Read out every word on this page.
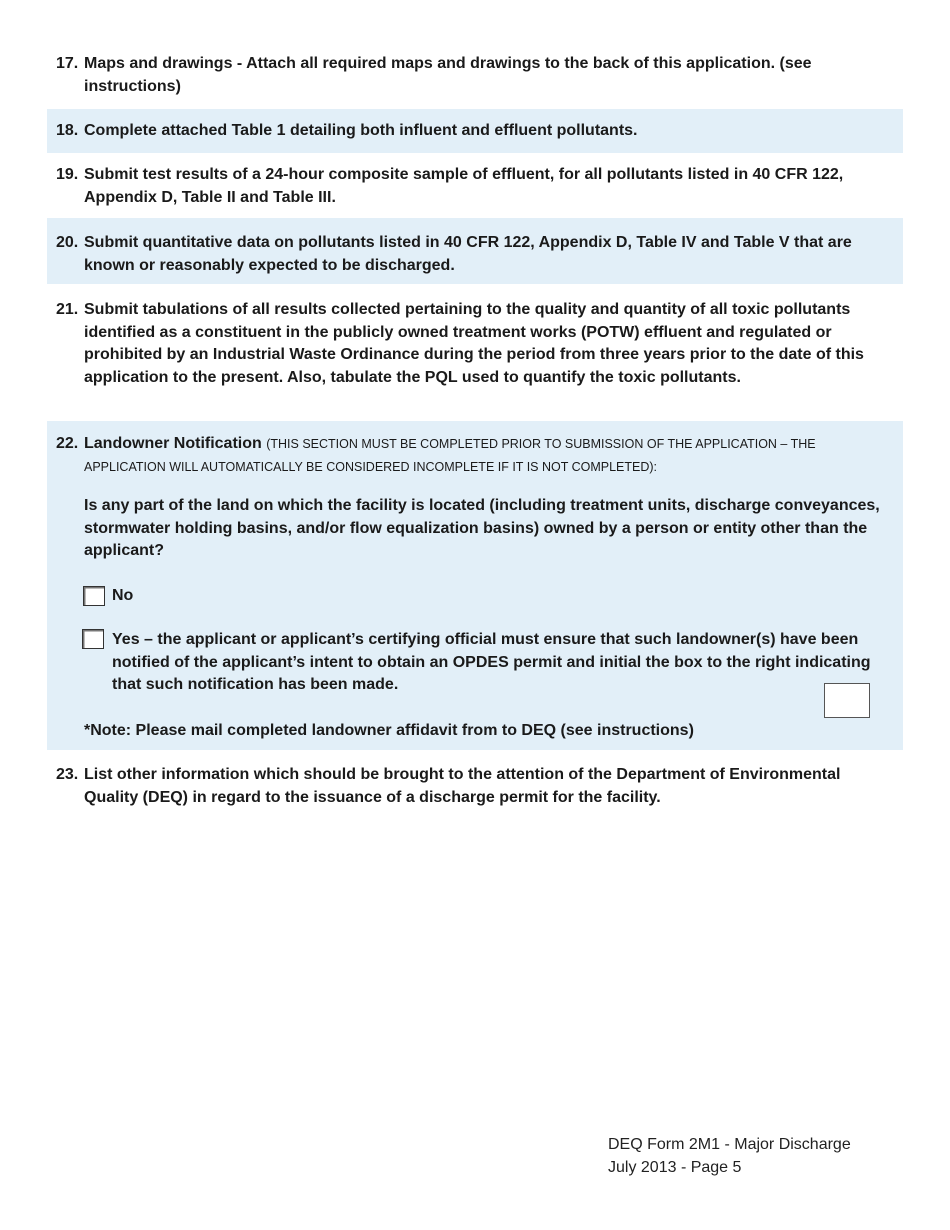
17. Maps and drawings - Attach all required maps and drawings to the back of this application. (see instructions)
18. Complete attached Table 1 detailing both influent and effluent pollutants.
19. Submit test results of a 24-hour composite sample of effluent, for all pollutants listed in 40 CFR 122, Appendix D, Table II and Table III.
20. Submit quantitative data on pollutants listed in 40 CFR 122, Appendix D, Table IV and Table V that are known or reasonably expected to be discharged.
21. Submit tabulations of all results collected pertaining to the quality and quantity of all toxic pollutants identified as a constituent in the publicly owned treatment works (POTW) effluent and regulated or prohibited by an Industrial Waste Ordinance during the period from three years prior to the date of this application to the present. Also, tabulate the PQL used to quantify the toxic pollutants.
22. Landowner Notification (THIS SECTION MUST BE COMPLETED PRIOR TO SUBMISSION OF THE APPLICATION – THE APPLICATION WILL AUTOMATICALLY BE CONSIDERED INCOMPLETE IF IT IS NOT COMPLETED):
Is any part of the land on which the facility is located (including treatment units, discharge conveyances, stormwater holding basins, and/or flow equalization basins) owned by a person or entity other than the applicant?
No
Yes – the applicant or applicant’s certifying official must ensure that such landowner(s) have been notified of the applicant’s intent to obtain an OPDES permit and initial the box to the right indicating that such notification has been made.
*Note: Please mail completed landowner affidavit from to DEQ (see instructions)
23. List other information which should be brought to the attention of the Department of Environmental Quality (DEQ) in regard to the issuance of a discharge permit for the facility.
DEQ Form 2M1 - Major Discharge
July 2013 - Page 5
